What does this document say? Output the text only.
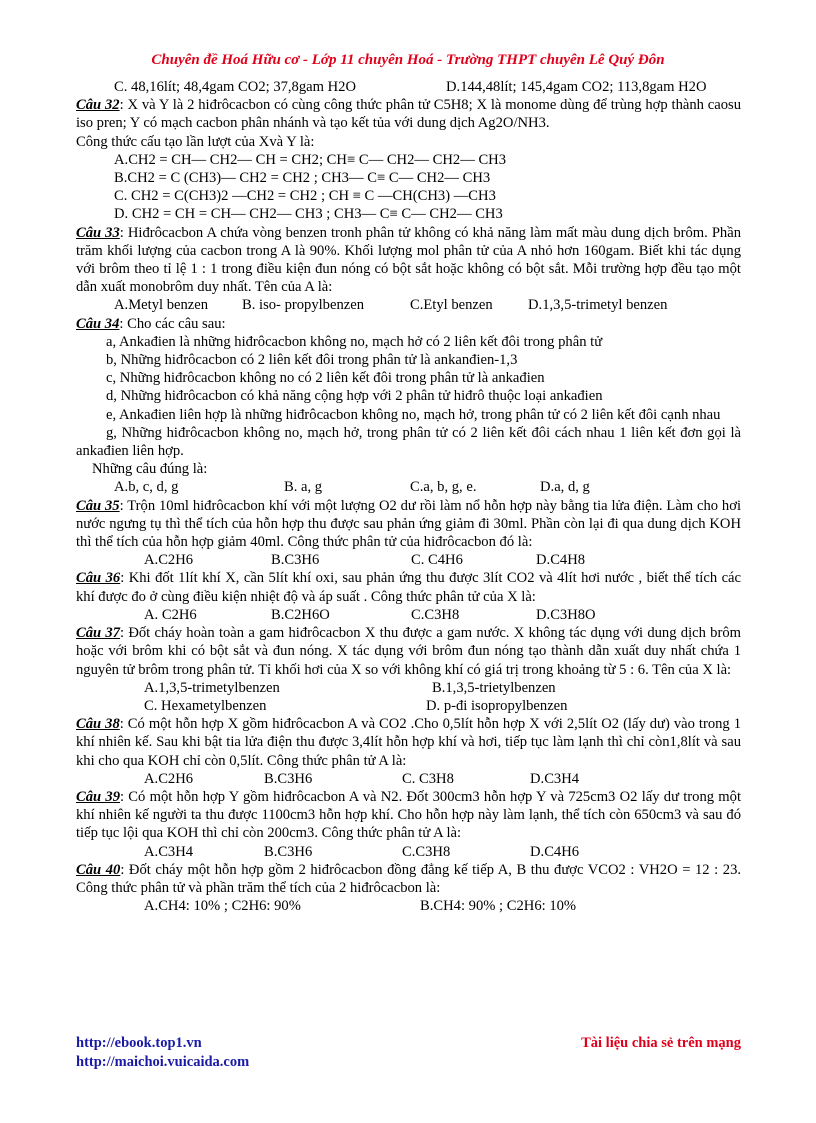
Chuyên đề Hoá Hữu cơ - Lớp 11 chuyên Hoá - Trường THPT chuyên Lê Quý Đôn
C. 48,16lít; 48,4gam CO2; 37,8gam H2O	D.144,48lít; 145,4gam CO2; 113,8gam H2O
Câu 32: X và Y là 2 hiđrôcacbon có cùng công thức phân tử C5H8; X là monome dùng để trùng hợp thành caosu iso pren; Y có mạch cacbon phân nhánh và tạo kết tủa với dung dịch Ag2O/NH3.
Công thức cấu tạo lần lượt của Xvà Y là:
A.CH2 = CH— CH2— CH = CH2; CH≡ C— CH2— CH2— CH3
B.CH2 = C (CH3)— CH2 = CH2 ; CH3— C≡ C— CH2— CH3
C. CH2 = C(CH3)2 —CH2 = CH2 ; CH ≡ C —CH(CH3) —CH3
D. CH2 = CH = CH— CH2— CH3 ; CH3— C≡ C— CH2— CH3
Câu 33: Hiđrôcacbon A chứa vòng benzen tronh phân tử không có khả năng làm mất màu dung dịch brôm. Phần trăm khối lượng của cacbon trong A là 90%. Khối lượng mol phân tử của A nhỏ hơn 160gam. Biết khi tác dụng với brôm theo tỉ lệ 1 : 1 trong điều kiện đun nóng có bột sắt hoặc không có bột sắt. Mỗi trường hợp đều tạo một dẫn xuất monobrôm duy nhất. Tên của A là:
A.Metyl benzen	B. iso- propylbenzen	C.Etyl benzen	D.1,3,5-trimetyl benzen
Câu 34: Cho các câu sau:
a, Ankađien là những hiđrôcacbon không no, mạch hở có 2 liên kết đôi trong phân tử
b, Những hiđrôcacbon có 2 liên kết đôi trong phân tử là ankanđien-1,3
c, Những hiđrôcacbon không no có 2 liên kết đôi trong phân tử là ankađien
d, Những hiđrôcacbon có khả năng cộng hợp với 2 phân tử hiđrô thuộc loại ankađien
e, Ankađien liên hợp là những hiđrôcacbon không no, mạch hở, trong phân tử có 2 liên kết đôi cạnh nhau
g, Những hiđrôcacbon không no, mạch hở, trong phân tử có 2 liên kết đôi cách nhau 1 liên kết đơn gọi là ankađien liên hợp.
Những câu đúng là:
A.b, c, d, g	B. a, g	C.a, b, g, e.	D.a, d, g
Câu 35: Trộn 10ml hiđrôcacbon khí với một lượng O2 dư rồi làm nổ hỗn hợp này bằng tia lửa điện. Làm cho hơi nước ngưng tụ thì thể tích của hỗn hợp thu được sau phản ứng giảm đi 30ml. Phần còn lại đi qua dung dịch KOH thì thể tích của hỗn hợp giảm 40ml. Công thức phân tử của hiđrôcacbon đó là:
A.C2H6	B.C3H6	C. C4H6	D.C4H8
Câu 36: Khi đốt 1lít khí X, cần 5lít khí oxi, sau phản ứng thu được 3lít CO2 và 4lít hơi nước , biết thể tích các khí được đo ở cùng điều kiện nhiệt độ và áp suất . Công thức phân tử của X là:
A. C2H6	B.C2H6O	C.C3H8	D.C3H8O
Câu 37: Đốt cháy hoàn toàn a gam hiđrôcacbon X thu được a gam nước. X không tác dụng với dung dịch brôm hoặc với brôm khi có bột sắt và đun nóng. X tác dụng với brôm đun nóng tạo thành dẫn xuất duy nhất chứa 1 nguyên tử brôm trong phân tử. Tỉ khối hơi của X so với không khí có giá trị trong khoảng từ 5 : 6. Tên của X là:
A.1,3,5-trimetylbenzen	B.1,3,5-trietylbenzen
C. Hexametylbenzen	D. p-đi isopropylbenzen
Câu 38: Có một hỗn hợp X gồm hiđrôcacbon A và CO2 .Cho 0,5lít hỗn hợp X với 2,5lít O2 (lấy dư) vào trong 1 khí nhiên kế. Sau khi bật tia lửa điện thu được 3,4lít hỗn hợp khí và hơi, tiếp tục làm lạnh thì chỉ còn1,8lít và sau khi cho qua KOH chỉ còn 0,5lít. Công thức phân tử A là:
A.C2H6	B.C3H6	C. C3H8	D.C3H4
Câu 39: Có một hỗn hợp Y gồm hiđrôcacbon A và N2. Đốt 300cm3 hỗn hợp Y và 725cm3 O2 lấy dư trong một khí nhiên kế người ta thu được 1100cm3 hỗn hợp khí. Cho hỗn hợp này làm lạnh, thể tích còn 650cm3 và sau đó tiếp tục lội qua KOH thì chỉ còn 200cm3. Công thức phân tử A là:
A.C3H4	B.C3H6	C.C3H8	D.C4H6
Câu 40: Đốt cháy một hỗn hợp gồm 2 hiđrôcacbon đồng đẳng kế tiếp A, B thu được VCO2 : VH2O = 12 : 23. Công thức phân tử và phần trăm thể tích của 2 hiđrôcacbon là:
A.CH4: 10% ; C2H6: 90%	B.CH4: 90% ; C2H6: 10%
http://ebook.top1.vn
http://maichoi.vuicaida.com
Tài liệu chia sẻ trên mạng
